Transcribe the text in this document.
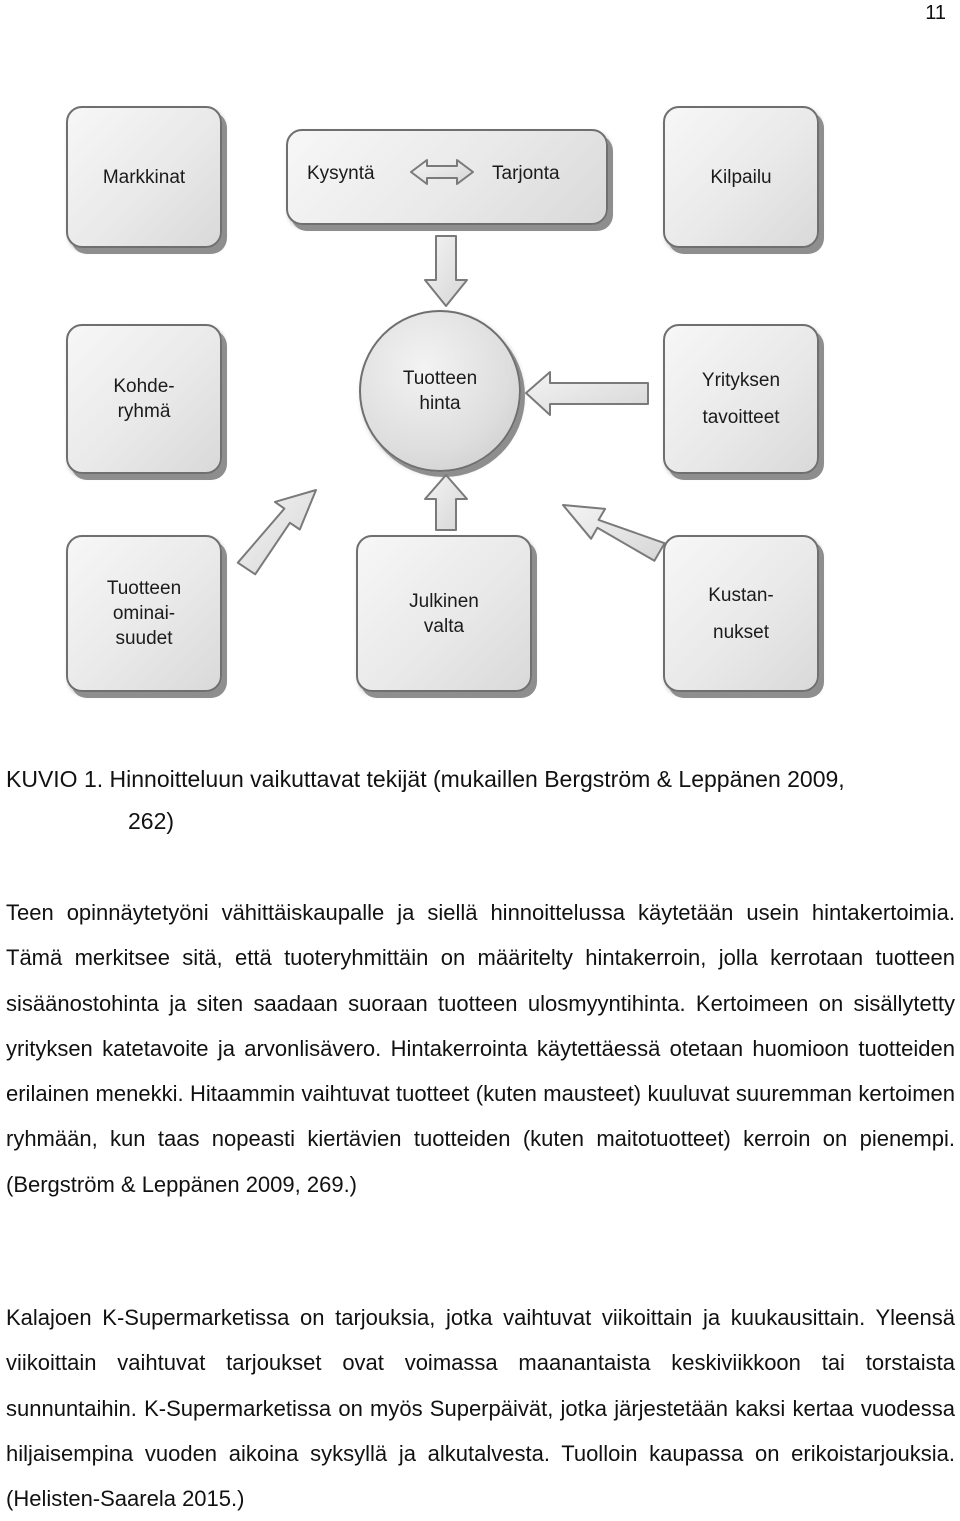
11
Markkinat	Kysyntä	Tarjonta	Kilpailu
Kohde-
ryhmä
Tuotteen
hinta
Yrityksen
tavoitteet
Tuotteen
ominai-
suudet
Julkinen
valta
Kustan-
nukset
KUVIO 1. Hinnoitteluun vaikuttavat tekijät (mukaillen Bergström & Leppänen 2009,
262)

Teen opinnäytetyöni vähittäiskaupalle ja siellä hinnoittelussa käytetään usein hintakertoimia. Tämä merkitsee sitä, että tuoteryhmittäin on määritelty hintakerroin, jolla kerrotaan tuotteen sisäänostohinta ja siten saadaan suoraan tuotteen ulosmyyntihinta. Kertoimeen on sisällytetty yrityksen katetavoite ja arvonlisävero. Hintakerrointa käytettäessä otetaan huomioon tuotteiden erilainen menekki. Hitaammin vaihtuvat tuotteet (kuten mausteet) kuuluvat suuremman kertoimen ryhmään, kun taas nopeasti kiertävien tuotteiden (kuten maitotuotteet) kerroin on pienempi. (Bergström & Leppänen 2009, 269.)

Kalajoen K-Supermarketissa on tarjouksia, jotka vaihtuvat viikoittain ja kuukausittain. Yleensä viikoittain vaihtuvat tarjoukset ovat voimassa maanantaista keskiviikkoon tai torstaista sunnuntaihin. K-Supermarketissa on myös Superpäivät, jotka järjestetään kaksi kertaa vuodessa hiljaisempina vuoden aikoina syksyllä ja alkutalvesta. Tuolloin kaupassa on erikoistarjouksia. (Helisten-Saarela 2015.)
